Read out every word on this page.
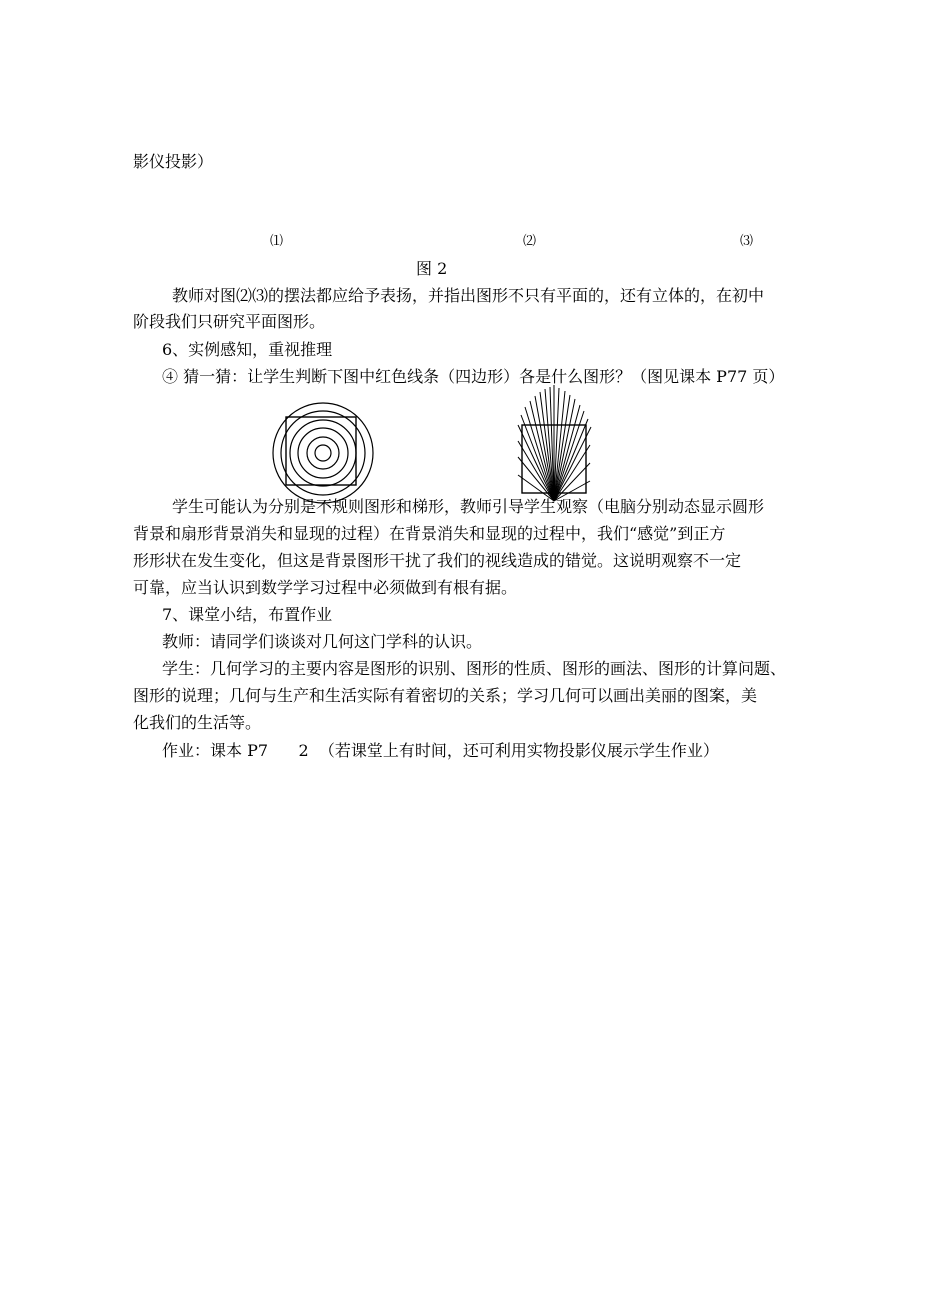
影仪投影）
⑴	⑵	⑶
图 2
教师对图⑵⑶的摆法都应给予表扬，并指出图形不只有平面的，还有立体的，在初中
阶段我们只研究平面图形。
6、实例感知，重视推理
④ 猜一猜：让学生判断下图中红色线条（四边形）各是什么图形？（图见课本 P77 页）
学生可能认为分别是不规则图形和梯形，教师引导学生观察（电脑分别动态显示圆形
背景和扇形背景消失和显现的过程）在背景消失和显现的过程中，我们“感觉”到正方
形形状在发生变化，但这是背景图形干扰了我们的视线造成的错觉。这说明观察不一定
可靠，应当认识到数学学习过程中必须做到有根有据。
7、课堂小结，布置作业
教师：请同学们谈谈对几何这门学科的认识。
学生：几何学习的主要内容是图形的识别、图形的性质、图形的画法、图形的计算问题、
图形的说理；几何与生产和生活实际有着密切的关系；学习几何可以画出美丽的图案，美
化我们的生活等。
作业：课本 P7      2  （若课堂上有时间，还可利用实物投影仪展示学生作业）
